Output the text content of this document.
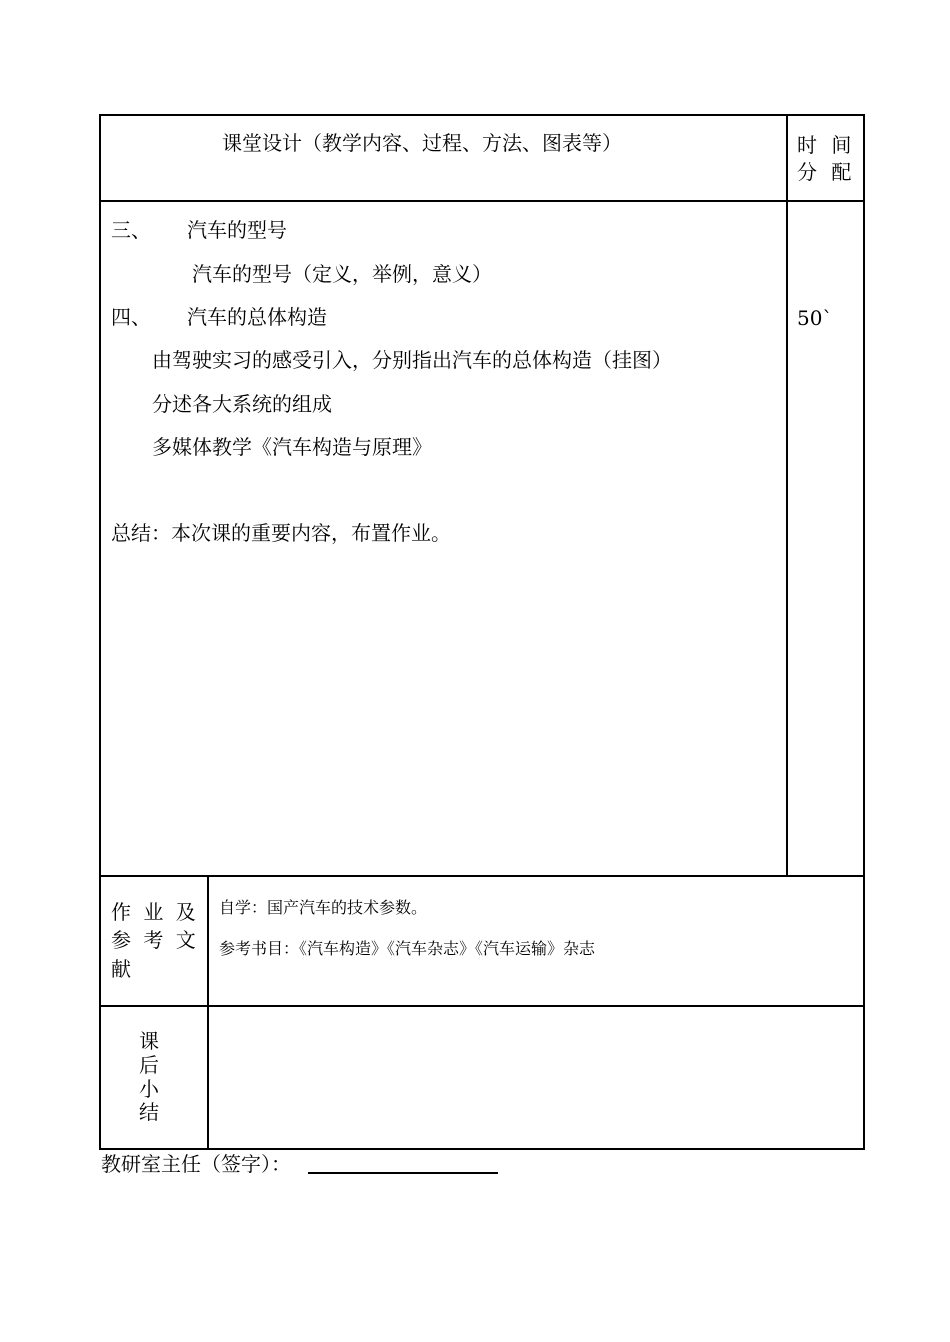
课堂设计（教学内容、过程、方法、图表等）	时 间
分 配
三、 汽车的型号
汽车的型号（定义，举例，意义）
四、 汽车的总体构造
由驾驶实习的感受引入，分别指出汽车的总体构造（挂图）
分述各大系统的组成
多媒体教学《汽车构造与原理》
总结：本次课的重要内容，布置作业。
50`
作 业 及
参 考 文
献
自学：国产汽车的技术参数。
参考书目：《汽车构造》《汽车杂志》《汽车运输》杂志
课
后
小
结
教研室主任（签字）：
